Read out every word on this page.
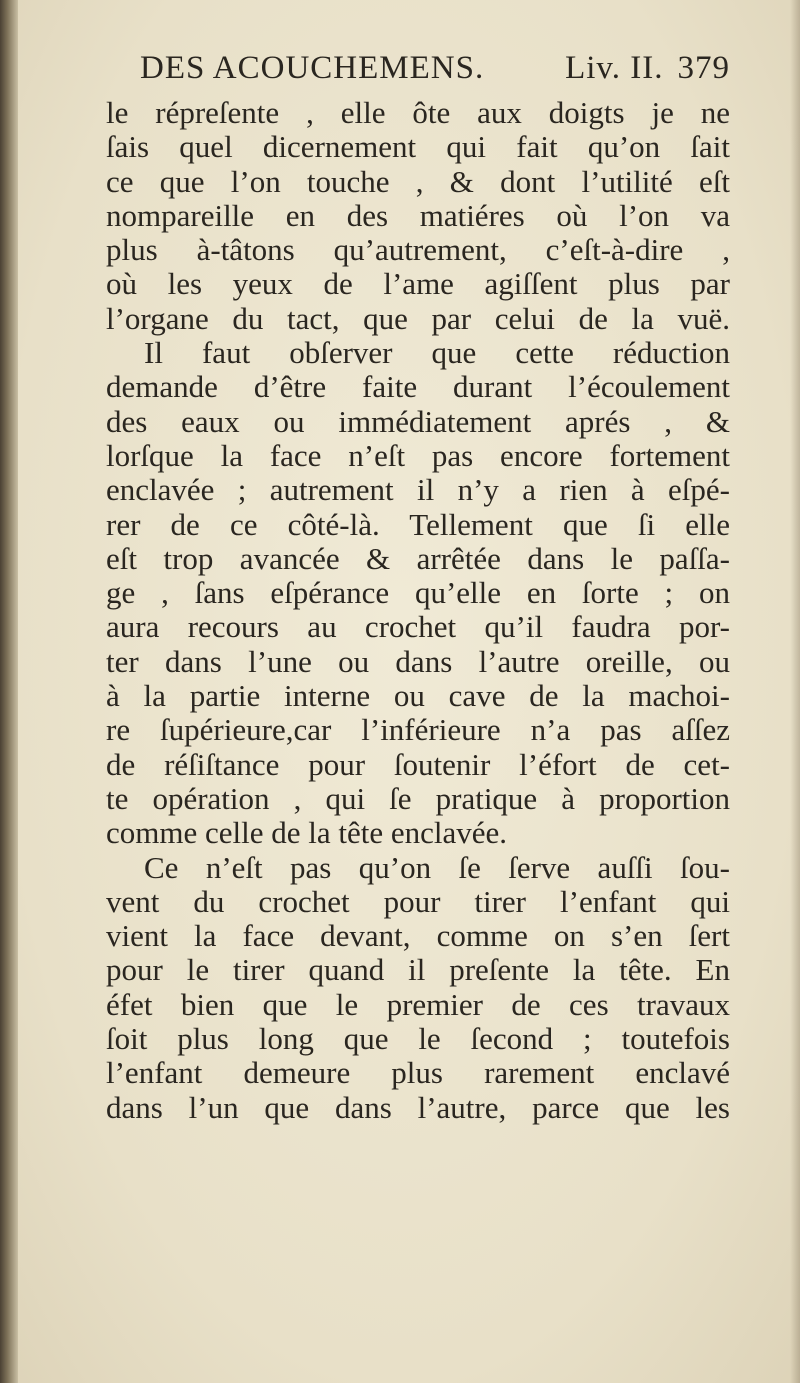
DES ACOUCHEMENS. Liv. II. 379
le répreſente , elle ôte aux doigts je ne
ſais quel dicernement qui fait qu’on ſait
ce que l’on touche , & dont l’utilité eſt
nompareille en des matiéres où l’on va
plus à-tâtons qu’autrement, c’eſt-à-dire ,
où les yeux de l’ame agiſſent plus par
l’organe du tact, que par celui de la vuë.
Il faut obſerver que cette réduction
demande d’être faite durant l’écoulement
des eaux ou immédiatement aprés , &
lorſque la face n’eſt pas encore fortement
enclavée ; autrement il n’y a rien à eſpé-
rer de ce côté-là. Tellement que ſi elle
eſt trop avancée & arrêtée dans le paſſa-
ge , ſans eſpérance qu’elle en ſorte ; on
aura recours au crochet qu’il faudra por-
ter dans l’une ou dans l’autre oreille, ou
à la partie interne ou cave de la machoi-
re ſupérieure,car l’inférieure n’a pas aſſez
de réſiſtance pour ſoutenir l’éfort de cet-
te opération , qui ſe pratique à proportion
comme celle de la tête enclavée.
Ce n’eſt pas qu’on ſe ſerve auſſi ſou-
vent du crochet pour tirer l’enfant qui
vient la face devant, comme on s’en ſert
pour le tirer quand il preſente la tête. En
éfet bien que le premier de ces travaux
ſoit plus long que le ſecond ; toutefois
l’enfant demeure plus rarement enclavé
dans l’un que dans l’autre, parce que les
